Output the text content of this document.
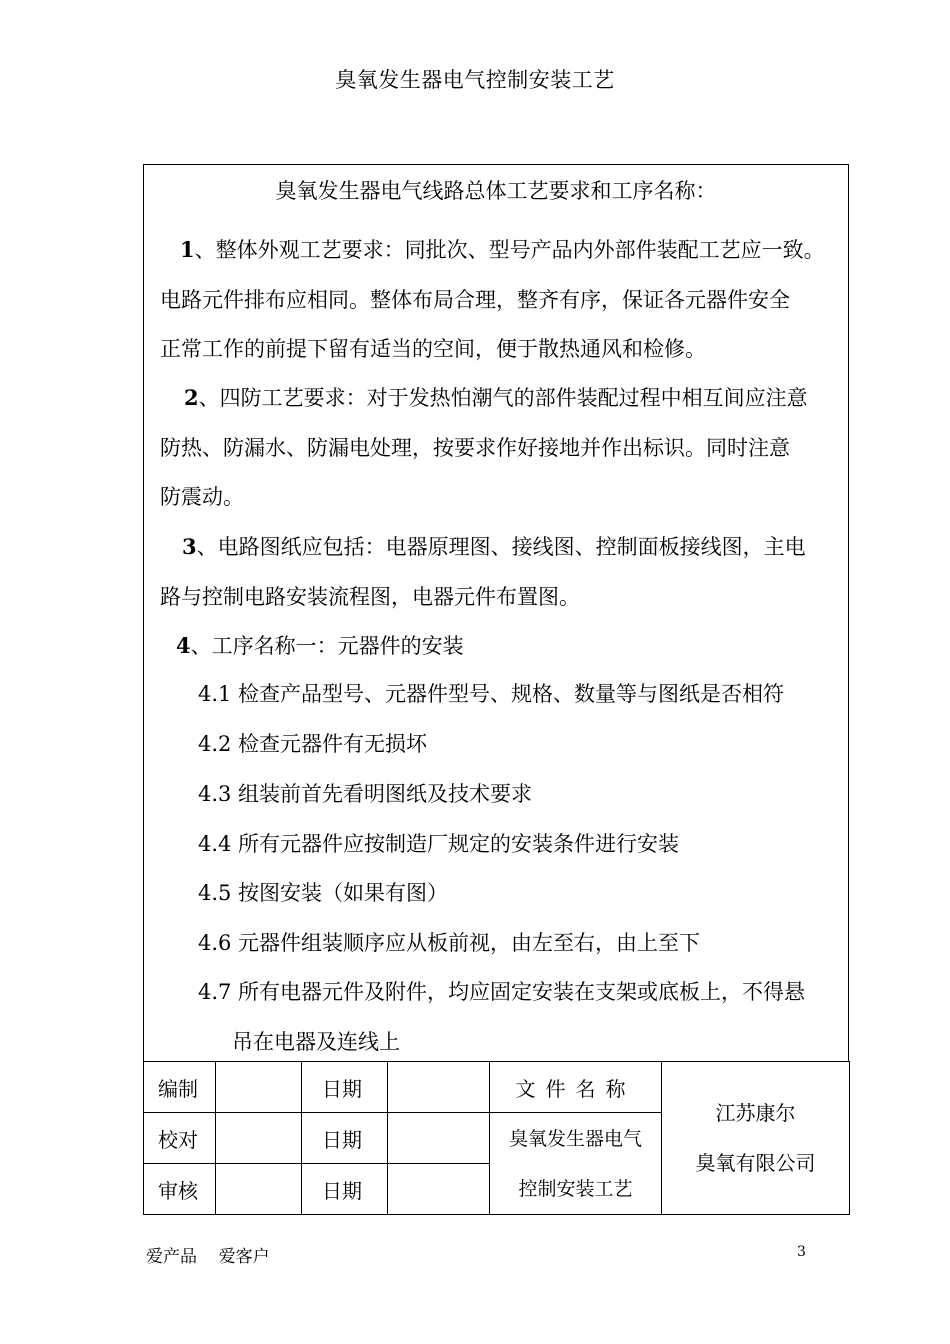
臭氧发生器电气控制安装工艺
臭氧发生器电气线路总体工艺要求和工序名称：
1、整体外观工艺要求：同批次、型号产品内外部件装配工艺应一致。
电路元件排布应相同。整体布局合理，整齐有序，保证各元器件安全
正常工作的前提下留有适当的空间，便于散热通风和检修。
2、四防工艺要求：对于发热怕潮气的部件装配过程中相互间应注意
防热、防漏水、防漏电处理，按要求作好接地并作出标识。同时注意
防震动。
3、电路图纸应包括：电器原理图、接线图、控制面板接线图，主电
路与控制电路安装流程图，电器元件布置图。
4、工序名称一：元器件的安装
4.1 检查产品型号、元器件型号、规格、数量等与图纸是否相符
4.2 检查元器件有无损坏
4.3 组装前首先看明图纸及技术要求
4.4 所有元器件应按制造厂规定的安装条件进行安装
4.5 按图安装（如果有图）
4.6 元器件组装顺序应从板前视，由左至右，由上至下
4.7 所有电器元件及附件，均应固定安装在支架或底板上，不得悬
吊在电器及连线上
编制		日期		文件名称	江苏康尔
臭氧有限公司

校对		日期		臭氧发生器电气
控制安装工艺	

审核		日期			
爱产品    爱客户	3
